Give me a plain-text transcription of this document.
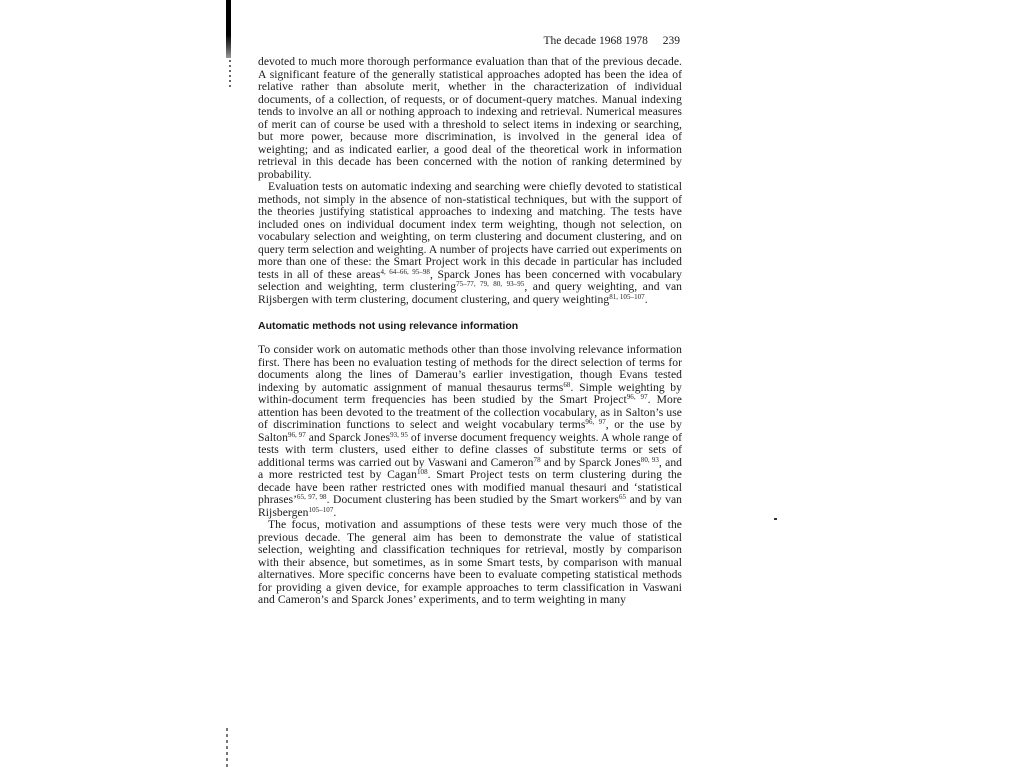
The decade 1968 1978 239

devoted to much more thorough performance evaluation than that of the previous decade. A significant feature of the generally statistical approaches adopted has been the idea of relative rather than absolute merit, whether in the characterization of individual documents, of a collection, of requests, or of document-query matches. Manual indexing tends to involve an all or nothing approach to indexing and retrieval. Numerical measures of merit can of course be used with a threshold to select items in indexing or searching, but more power, because more discrimination, is involved in the general idea of weighting; and as indicated earlier, a good deal of the theoretical work in information retrieval in this decade has been concerned with the notion of ranking determined by probability.

Evaluation tests on automatic indexing and searching were chiefly devoted to statistical methods, not simply in the absence of non-statistical techniques, but with the support of the theories justifying statistical approaches to indexing and matching. The tests have included ones on individual document index term weighting, though not selection, on vocabulary selection and weighting, on term clustering and document clustering, and on query term selection and weighting. A number of projects have carried out experiments on more than one of these: the Smart Project work in this decade in particular has included tests in all of these areas$^{4, 64-66, 95-98}$, Sparck Jones has been concerned with vocabulary selection and weighting, term clustering$^{75-77, 79, 80, 93-95}$, and query weighting, and van Rijsbergen with term clustering, document clustering, and query weighting$^{81, 105-107}$.

Automatic methods not using relevance information

To consider work on automatic methods other than those involving relevance information first. There has been no evaluation testing of methods for the direct selection of terms for documents along the lines of Damerau’s earlier investigation, though Evans tested indexing by automatic assignment of manual thesaurus terms$^{68}$. Simple weighting by within-document term frequencies has been studied by the Smart Project$^{96, 97}$. More attention has been devoted to the treatment of the collection vocabulary, as in Salton’s use of discrimination functions to select and weight vocabulary terms$^{96, 97}$, or the use by Salton$^{96, 97}$ and Sparck Jones$^{93, 95}$ of inverse document frequency weights. A whole range of tests with term clusters, used either to define classes of substitute terms or sets of additional terms was carried out by Vaswani and Cameron$^{78}$ and by Sparck Jones$^{80, 93}$, and a more restricted test by Cagan$^{108}$. Smart Project tests on term clustering during the decade have been rather restricted ones with modified manual thesauri and ‘statistical phrases’$^{65, 97, 98}$. Document clustering has been studied by the Smart workers$^{65}$ and by van Rijsbergen$^{105-107}$.

The focus, motivation and assumptions of these tests were very much those of the previous decade. The general aim has been to demonstrate the value of statistical selection, weighting and classification techniques for retrieval, mostly by comparison with their absence, but sometimes, as in some Smart tests, by comparison with manual alternatives. More specific concerns have been to evaluate competing statistical methods for providing a given device, for example approaches to term classification in Vaswani and Cameron’s and Sparck Jones’ experiments, and to term weighting in many
